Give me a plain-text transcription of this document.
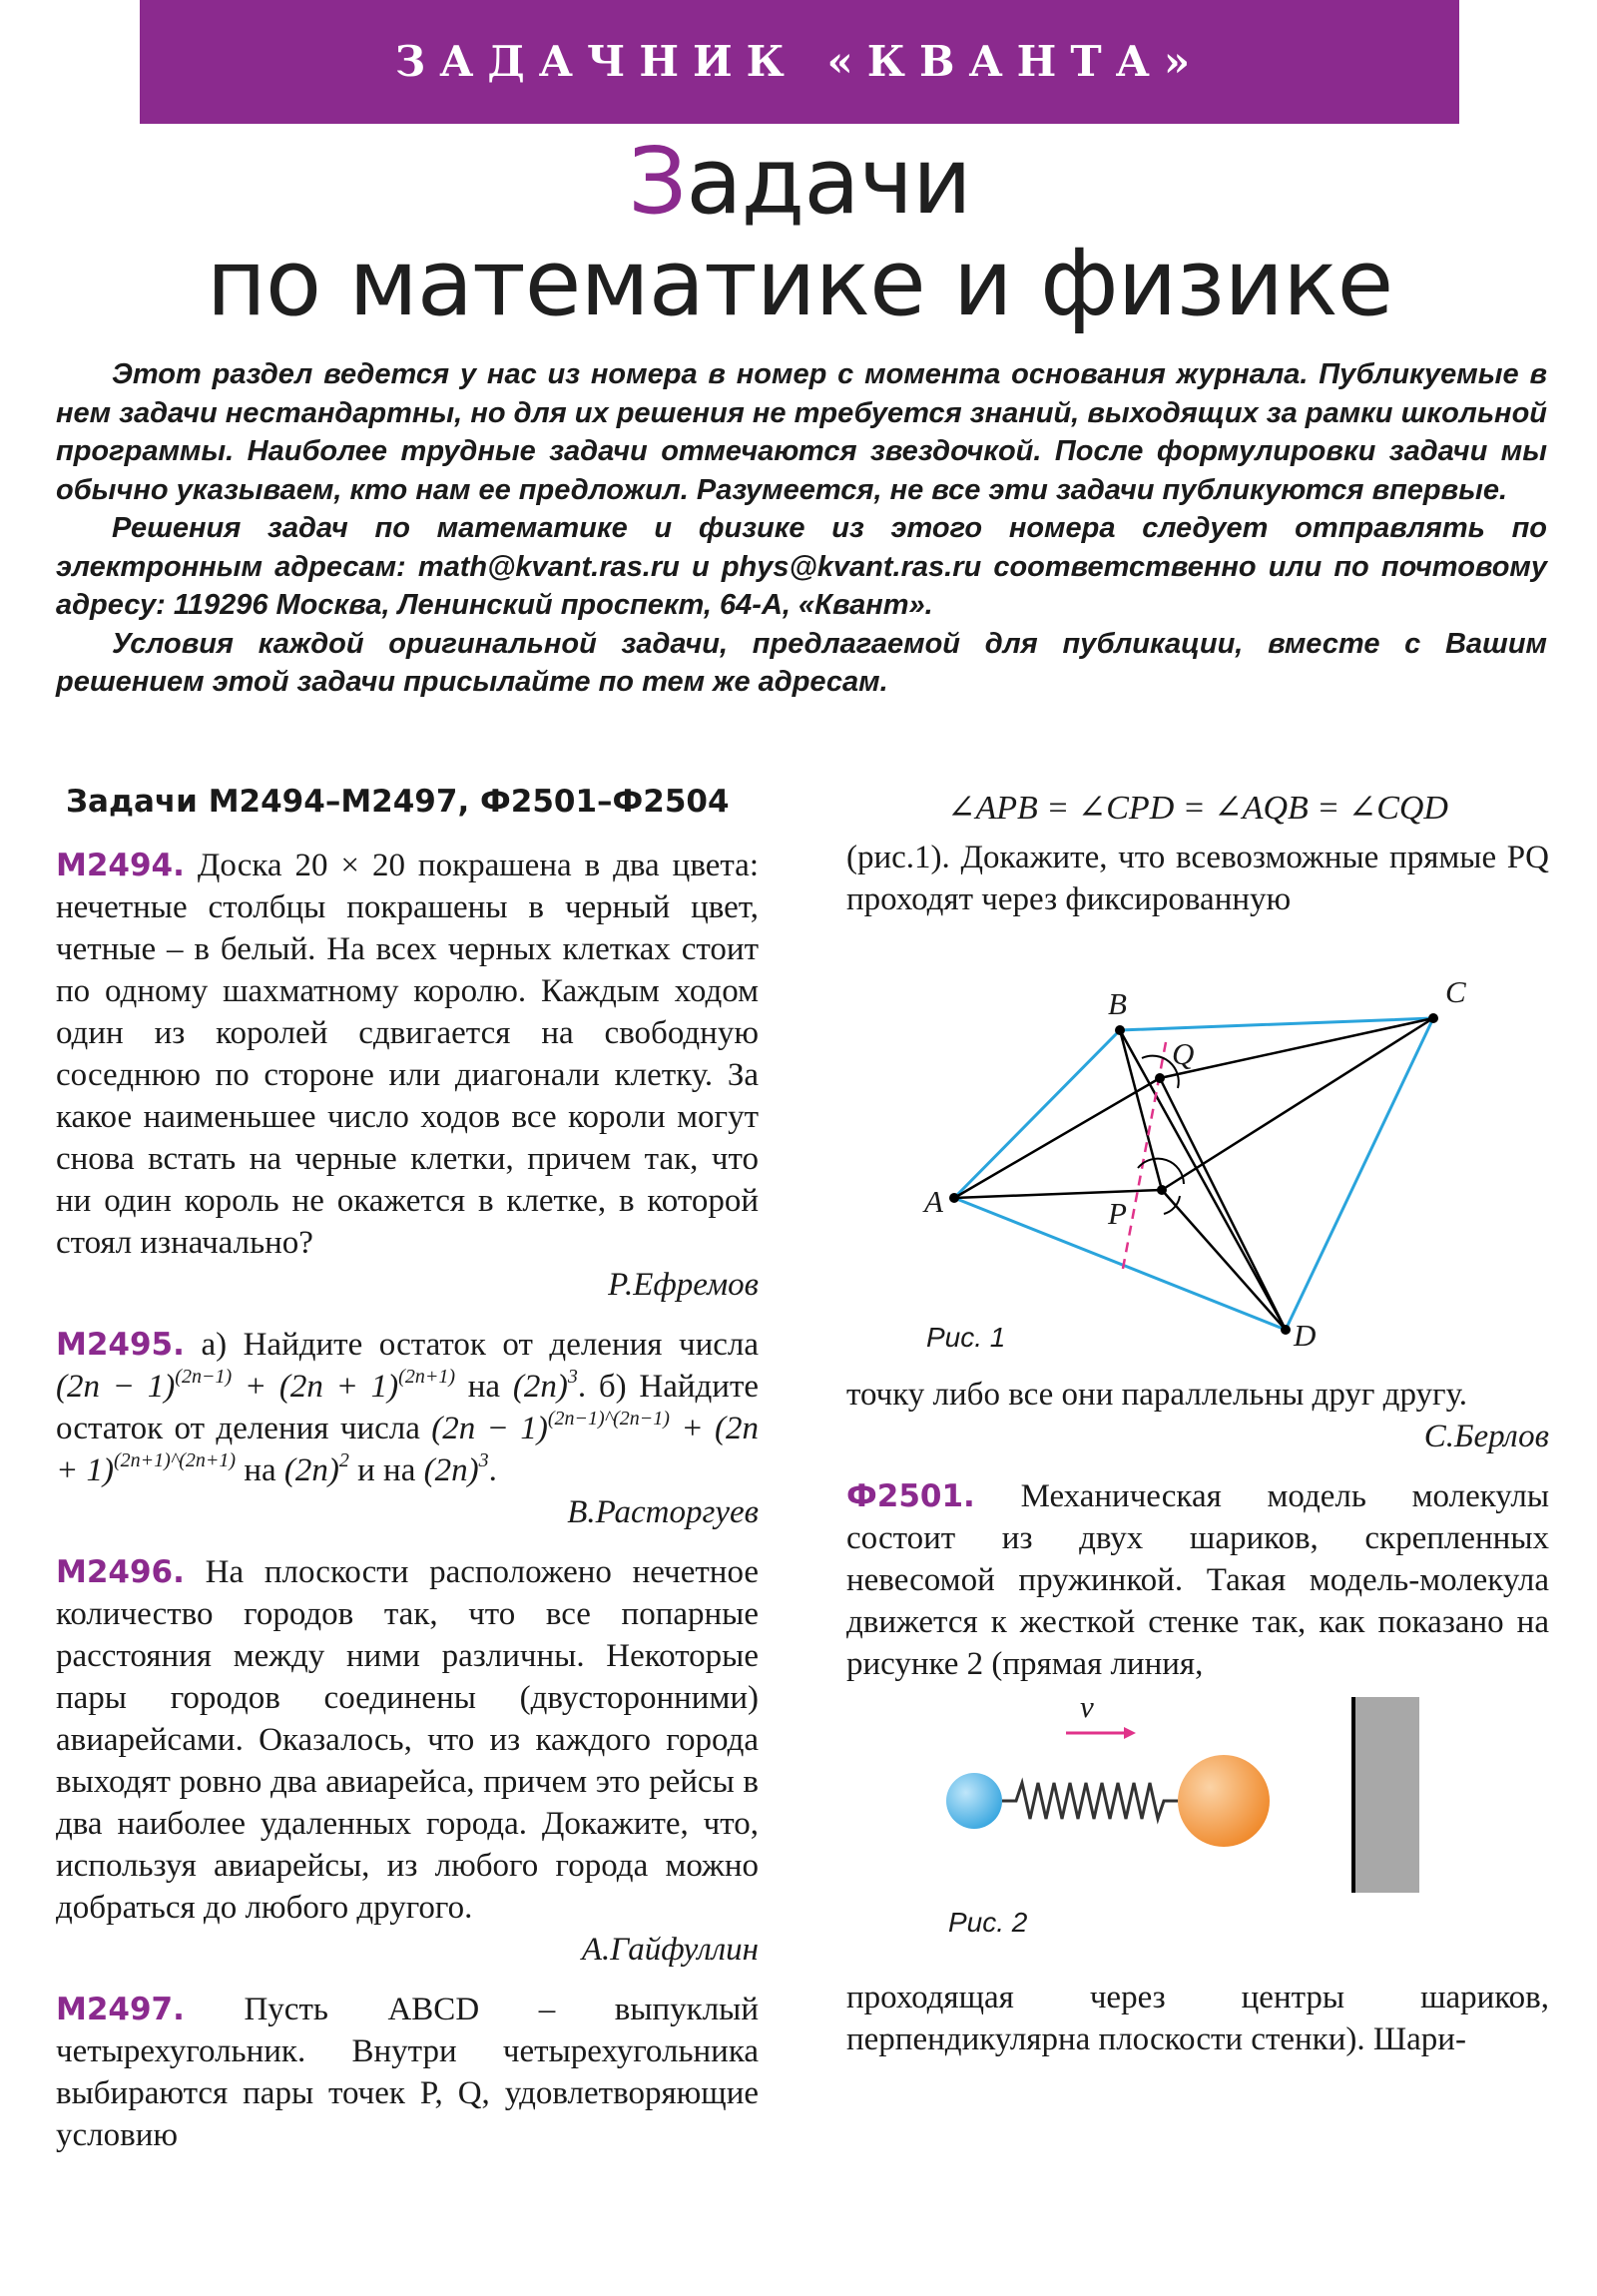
ЗАДАЧНИК «КВАНТА»
Задачи
по математике и физике

Этот раздел ведется у нас из номера в номер с момента основания журнала. Публикуемые в нем задачи нестандартны, но для их решения не требуется знаний, выходящих за рамки школьной программы. Наиболее трудные задачи отмечаются звездочкой. После формулировки задачи мы обычно указываем, кто нам ее предложил. Разумеется, не все эти задачи публикуются впервые.

Решения задач по математике и физике из этого номера следует отправлять по электронным адресам: math@kvant.ras.ru и phys@kvant.ras.ru соответственно или по почтовому адресу: 119296 Москва, Ленинский проспект, 64-А, «Квант».

Условия каждой оригинальной задачи, предлагаемой для публикации, вместе с Вашим решением этой задачи присылайте по тем же адресам.

Задачи М2494–М2497, Ф2501–Ф2504

М2494. Доска 20 × 20 покрашена в два цвета: нечетные столбцы покрашены в черный цвет, четные – в белый. На всех черных клетках стоит по одному шахматному королю. Каждым ходом один из королей сдвигается на свободную соседнюю по стороне или диагонали клетку. За какое наименьшее число ходов все короли могут снова встать на черные клетки, причем так, что ни один король не окажется в клетке, в которой стоял изначально?

Р.Ефремов

М2495. а) Найдите остаток от деления числа $(2n - 1)^{(2n-1)} + (2n + 1)^{(2n+1)}$ на $(2n)^3$. б) Найдите остаток от деления числа $(2n - 1)^{(2n-1)\^{}(2n-1)} + (2n + 1)^{(2n+1)\^{}(2n+1)}$ на $(2n)^2$ и на $(2n)^3$.

В.Расторгуев

М2496. На плоскости расположено нечетное количество городов так, что все попарные расстояния между ними различны. Некоторые пары городов соединены (двусторонними) авиарейсами. Оказалось, что из каждого города выходят ровно два авиарейса, причем это рейсы в два наиболее удаленных города. Докажите, что, используя авиарейсы, из любого города можно добраться до любого другого.

А.Гайфуллин

М2497. Пусть ABCD – выпуклый четырехугольник. Внутри четырехугольника выбираются пары точек P, Q, удовлетворяющие условию

∠APB = ∠CPD = ∠AQB = ∠CQD

(рис.1). Докажите, что всевозможные прямые PQ проходят через фиксированную

A
B	C
D
P
Q
Рис. 1

точку либо все они параллельны друг другу.

С.Берлов

Ф2501. Механическая модель молекулы состоит из двух шариков, скрепленных невесомой пружинкой. Такая модель-молекула движется к жесткой стенке так, как показано на рисунке 2 (прямая линия,

v
Рис. 2

проходящая через центры шариков, перпендикулярна плоскости стенки). Шари-
